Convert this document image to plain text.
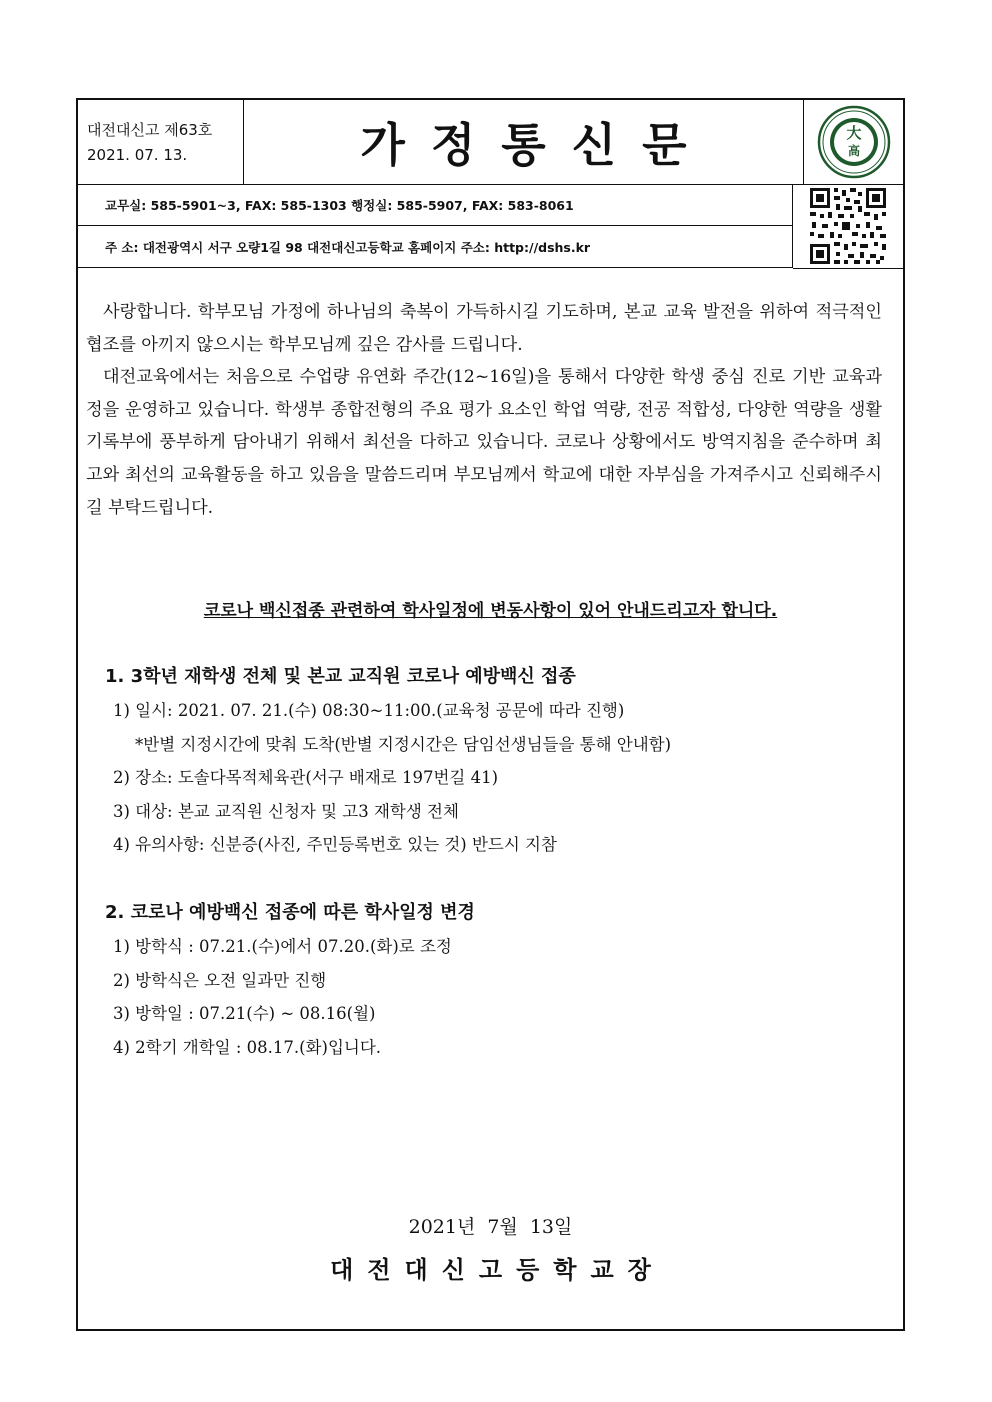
대전대신고 제63호
2021. 07. 13.	가정통신문	大
高
교무실: 585-5901~3, FAX: 585-1303 행정실: 585-5907, FAX: 583-8061
주 소: 대전광역시 서구 오량1길 98 대전대신고등학교 홈페이지 주소: http://dshs.kr

사랑합니다. 학부모님 가정에 하나님의 축복이 가득하시길 기도하며, 본교 교육 발전을 위하여 적극적인 협조를 아끼지 않으시는 학부모님께 깊은 감사를 드립니다.

대전교육에서는 처음으로 수업량 유연화 주간(12~16일)을 통해서 다양한 학생 중심 진로 기반 교육과정을 운영하고 있습니다. 학생부 종합전형의 주요 평가 요소인 학업 역량, 전공 적합성, 다양한 역량을 생활기록부에 풍부하게 담아내기 위해서 최선을 다하고 있습니다. 코로나 상황에서도 방역지침을 준수하며 최고와 최선의 교육활동을 하고 있음을 말씀드리며 부모님께서 학교에 대한 자부심을 가져주시고 신뢰해주시길 부탁드립니다.

코로나 백신접종 관련하여 학사일정에 변동사항이 있어 안내드리고자 합니다.
1. 3학년 재학생 전체 및 본교 교직원 코로나 예방백신 접종
1) 일시: 2021. 07. 21.(수) 08:30~11:00.(교육청 공문에 따라 진행)
*반별 지정시간에 맞춰 도착(반별 지정시간은 담임선생님들을 통해 안내함)
2) 장소: 도솔다목적체육관(서구 배재로 197번길 41)
3) 대상: 본교 교직원 신청자 및 고3 재학생 전체
4) 유의사항: 신분증(사진, 주민등록번호 있는 것) 반드시 지참
2. 코로나 예방백신 접종에 따른 학사일정 변경
1) 방학식 : 07.21.(수)에서 07.20.(화)로 조정
2) 방학식은 오전 일과만 진행
3) 방학일 : 07.21(수) ~ 08.16(월)
4) 2학기 개학일 : 08.17.(화)입니다.
2021년 7월 13일
대전대신고등학교장
